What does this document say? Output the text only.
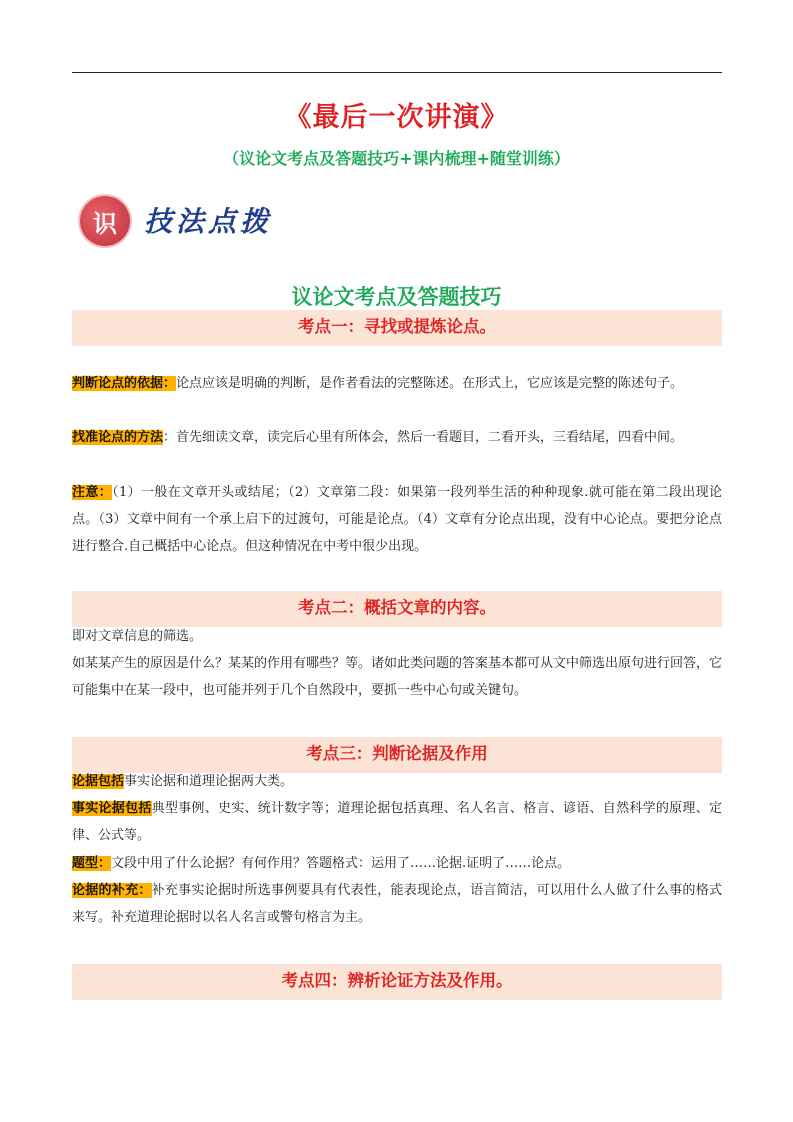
《最后一次讲演》
（议论文考点及答题技巧+课内梳理+随堂训练）
识 技法点拨
议论文考点及答题技巧
考点一：寻找或提炼论点。
判断论点的依据：论点应该是明确的判断，是作者看法的完整陈述。在形式上，它应该是完整的陈述句子。
找准论点的方法：首先细读文章，读完后心里有所体会，然后一看题目，二看开头，三看结尾，四看中间。
注意：（1）一般在文章开头或结尾；（2）文章第二段：如果第一段列举生活的种种现象.就可能在第二段出现论点。（3）文章中间有一个承上启下的过渡句，可能是论点。（4）文章有分论点出现，没有中心论点。要把分论点进行整合.自己概括中心论点。但这种情况在中考中很少出现。
考点二：概括文章的内容。
即对文章信息的筛选。
如某某产生的原因是什么？某某的作用有哪些？等。诸如此类问题的答案基本都可从文中筛选出原句进行回答，它可能集中在某一段中，也可能并列于几个自然段中，要抓一些中心句或关键句。
考点三：判断论据及作用
论据包括事实论据和道理论据两大类。
事实论据包括典型事例、史实、统计数字等；道理论据包括真理、名人名言、格言、谚语、自然科学的原理、定律、公式等。
题型：文段中用了什么论据？有何作用？答题格式：运用了……论据.证明了……论点。
论据的补充：补充事实论据时所选事例要具有代表性，能表现论点，语言简洁，可以用什么人做了什么事的格式来写。补充道理论据时以名人名言或警句格言为主。
考点四：辨析论证方法及作用。
